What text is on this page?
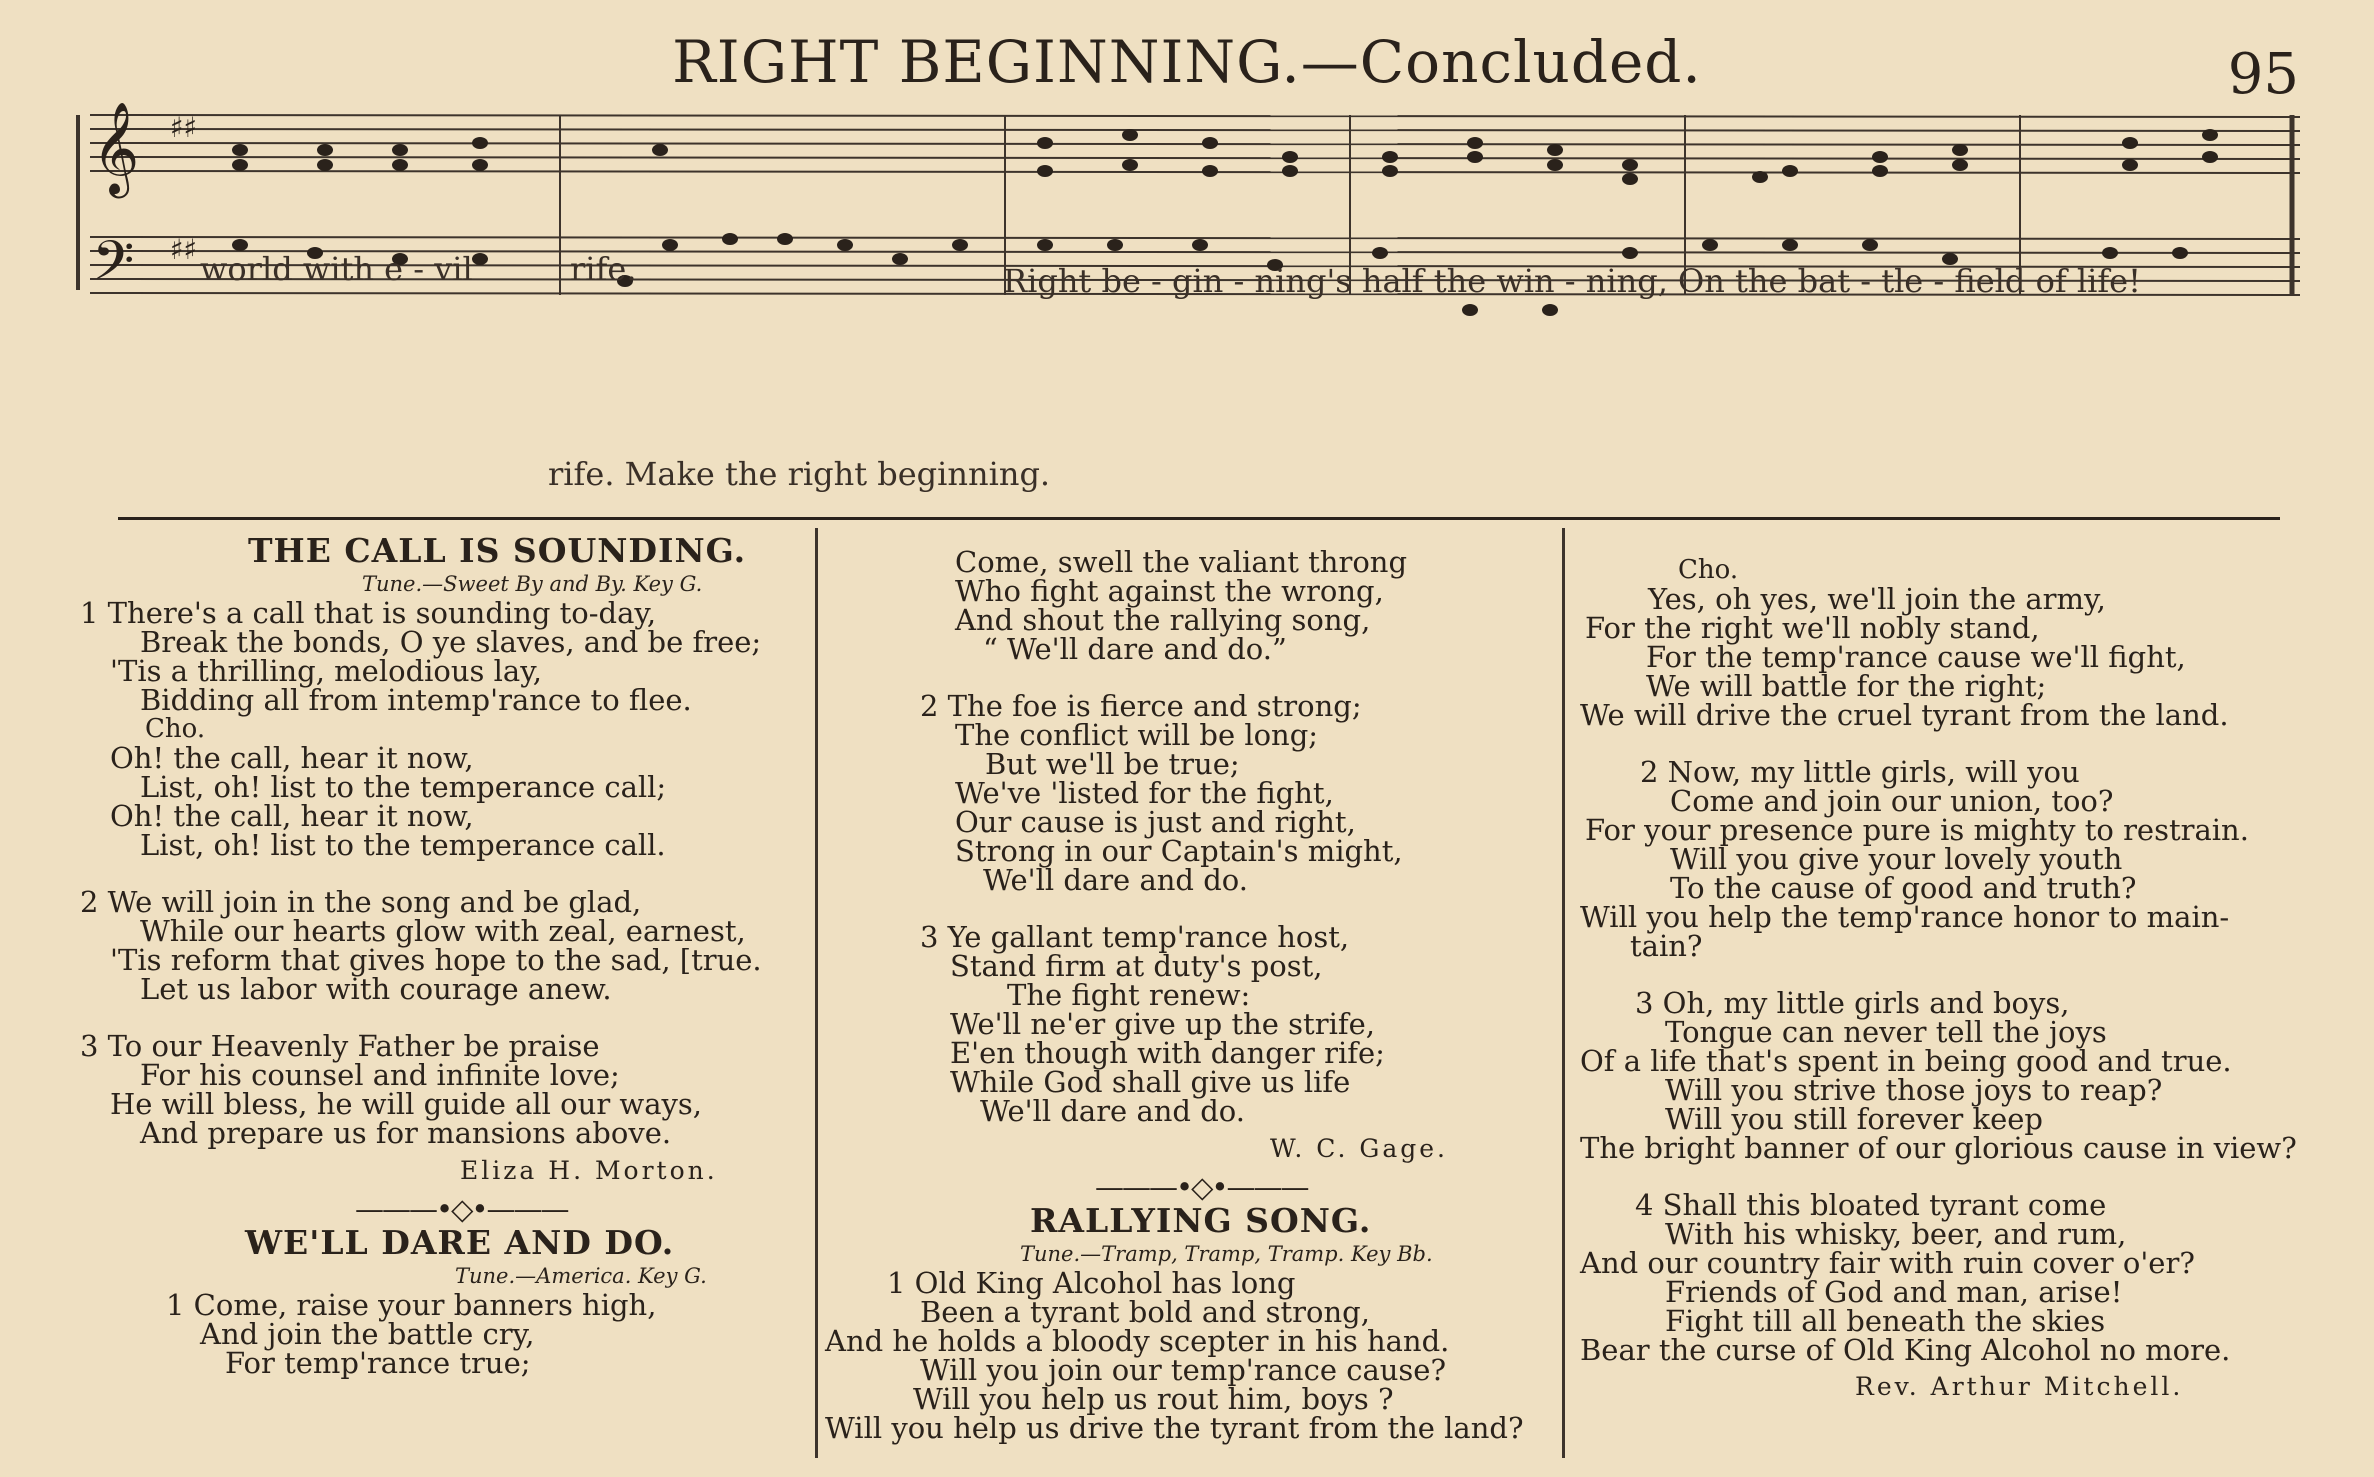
RIGHT BEGINNING.—Concluded.	95
𝄞
𝄢
♯♯
♯♯
world with e - vil	rife.	Right be - gin - ning's half the win - ning, On the bat - tle - field of life!
rife. Make the right beginning.

THE CALL IS SOUNDING.

Tune.—Sweet By and By. Key G.

1 There's a call that is sounding to-day,

Break the bonds, O ye slaves, and be free;

'Tis a thrilling, melodious lay,

Bidding all from intemp'rance to flee.

Cho.

Oh! the call, hear it now,

List, oh! list to the temperance call;

Oh! the call, hear it now,

List, oh! list to the temperance call.

2 We will join in the song and be glad,

While our hearts glow with zeal, earnest,

'Tis reform that gives hope to the sad, [true.

Let us labor with courage anew.

3 To our Heavenly Father be praise

For his counsel and infinite love;

He will bless, he will guide all our ways,

And prepare us for mansions above.

Eliza H. Morton.

———•◇•———

WE'LL DARE AND DO.

Tune.—America. Key G.

1 Come, raise your banners high,

And join the battle cry,

For temp'rance true;

Come, swell the valiant throng

Who fight against the wrong,

And shout the rallying song,

“ We'll dare and do.”

2 The foe is fierce and strong;

The conflict will be long;

But we'll be true;

We've 'listed for the fight,

Our cause is just and right,

Strong in our Captain's might,

We'll dare and do.

3 Ye gallant temp'rance host,

Stand firm at duty's post,

The fight renew:

We'll ne'er give up the strife,

E'en though with danger rife;

While God shall give us life

We'll dare and do.

W. C. Gage.

———•◇•———

RALLYING SONG.

Tune.—Tramp, Tramp, Tramp. Key Bb.

1 Old King Alcohol has long

Been a tyrant bold and strong,

And he holds a bloody scepter in his hand.

Will you join our temp'rance cause?

Will you help us rout him, boys ?

Will you help us drive the tyrant from the land?

Cho.

Yes, oh yes, we'll join the army,

For the right we'll nobly stand,

For the temp'rance cause we'll fight,

We will battle for the right;

We will drive the cruel tyrant from the land.

2 Now, my little girls, will you

Come and join our union, too?

For your presence pure is mighty to restrain.

Will you give your lovely youth

To the cause of good and truth?

Will you help the temp'rance honor to main-

tain?

3 Oh, my little girls and boys,

Tongue can never tell the joys

Of a life that's spent in being good and true.

Will you strive those joys to reap?

Will you still forever keep

The bright banner of our glorious cause in view?

4 Shall this bloated tyrant come

With his whisky, beer, and rum,

And our country fair with ruin cover o'er?

Friends of God and man, arise!

Fight till all beneath the skies

Bear the curse of Old King Alcohol no more.

Rev. Arthur Mitchell.
